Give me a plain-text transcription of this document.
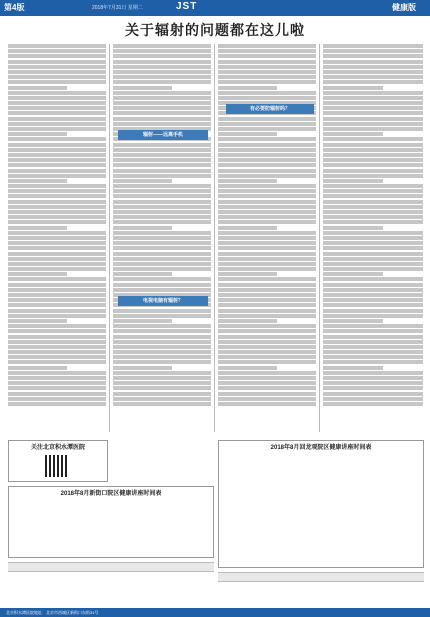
第4版	2018年7月31日 星期二	JST	健康版
关于辐射的问题都在这儿啦
辐射——远离手机
电视电脑有辐射？
有必要防辐射吗？
关注北京积水潭医院
2018年8月新街口院区健康讲座时间表
2018年8月回龙观院区健康讲座时间表
北京积水潭医院地址：北京市西城区新街口东街31号
